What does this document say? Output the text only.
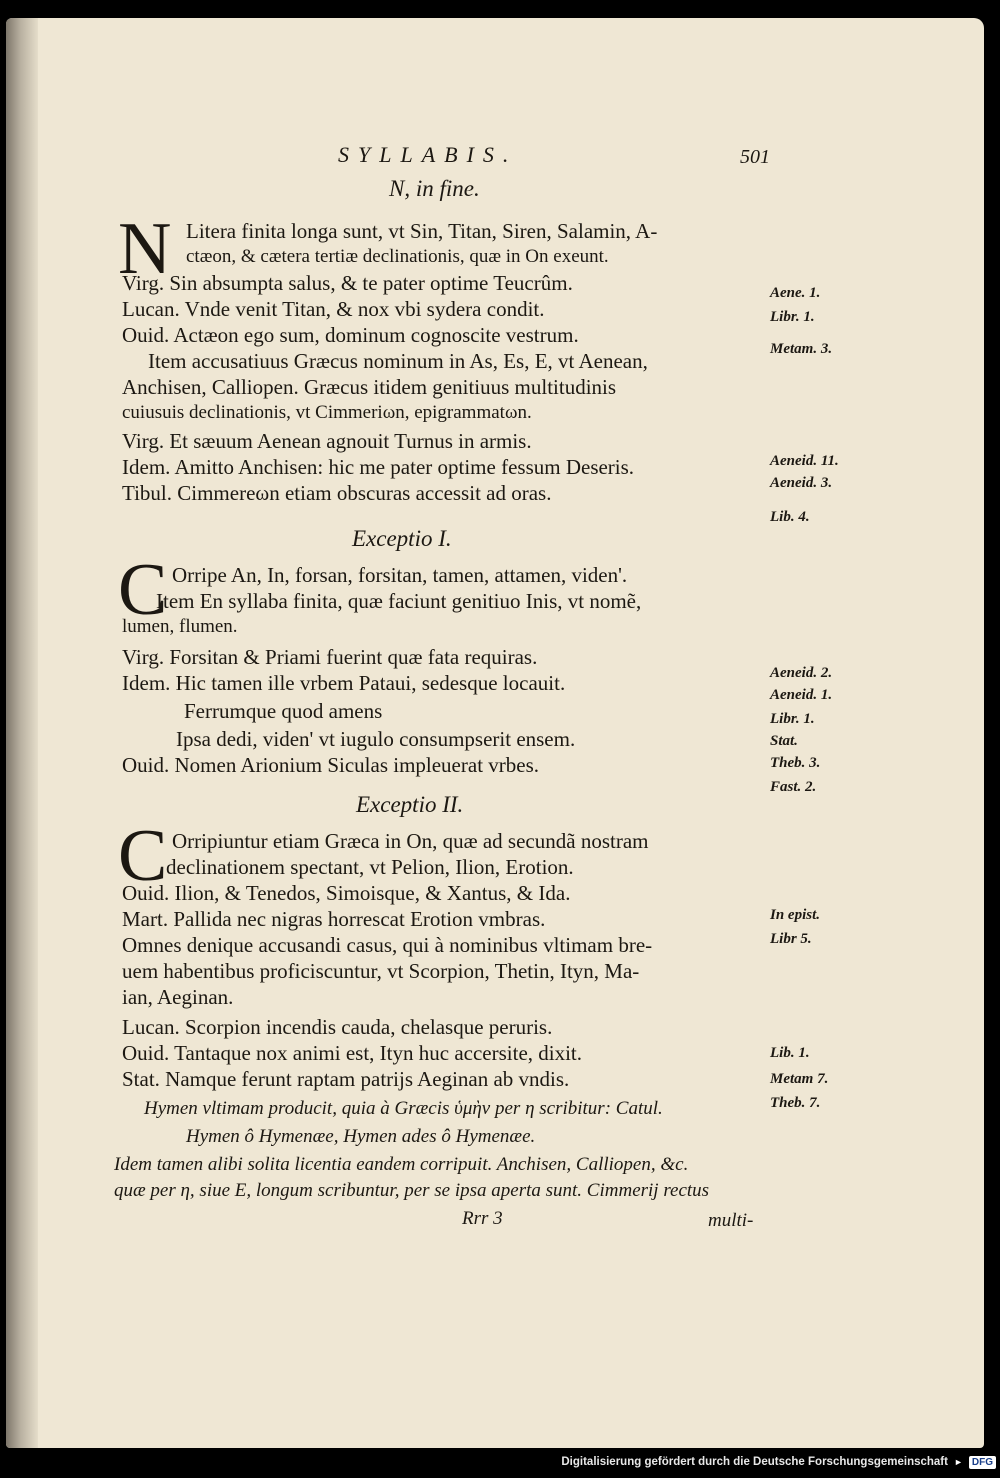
SYLLABIS.	501
N, in fine.
N Litera finita longa sunt, vt Sin, Titan, Siren, Salamin, A-
ctæon, & cætera tertiæ declinationis, quæ in On exeunt.
Virg. Sin absumpta salus, & te pater optime Teucrûm.
Lucan. Vnde venit Titan, & nox vbi sydera condit.
Ouid. Actæon ego sum, dominum cognoscite vestrum.
Item accusatiuus Græcus nominum in As, Es, E, vt Aenean,
Anchisen, Calliopen. Græcus itidem genitiuus multitudinis
cuiusuis declinationis, vt Cimmeriωn, epigrammatωn.
Virg. Et sæuum Aenean agnouit Turnus in armis.
Idem. Amitto Anchisen: hic me pater optime fessum Deseris.
Tibul. Cimmereωn etiam obscuras accessit ad oras.
Aene. 1.
Libr. 1.
Metam. 3.
Aeneid. 11.
Aeneid. 3.
Lib. 4.
Exceptio I.
C Orripe An, In, forsan, forsitan, tamen, attamen, viden'.
Item En syllaba finita, quæ faciunt genitiuo Inis, vt nomẽ,
lumen, flumen.
Virg. Forsitan & Priami fuerint quæ fata requiras.
Idem. Hic tamen ille vrbem Pataui, sedesque locauit.
Ferrumque quod amens
Ipsa dedi, viden' vt iugulo consumpserit ensem.
Ouid. Nomen Arionium Siculas impleuerat vrbes.
Aeneid. 2.
Aeneid. 1.
Libr. 1.
Stat.
Theb. 3.
Fast. 2.
Exceptio II.
C Orripiuntur etiam Græca in On, quæ ad secundã nostram
declinationem spectant, vt Pelion, Ilion, Erotion.
Ouid. Ilion, & Tenedos, Simoisque, & Xantus, & Ida.
Mart. Pallida nec nigras horrescat Erotion vmbras.
Omnes denique accusandi casus, qui à nominibus vltimam bre-
uem habentibus proficiscuntur, vt Scorpion, Thetin, Ityn, Ma-
ian, Aeginan.
Lucan. Scorpion incendis cauda, chelasque peruris.
Ouid. Tantaque nox animi est, Ityn huc accersite, dixit.
Stat. Namque ferunt raptam patrijs Aeginan ab vndis.
In epist.
Libr 5.
Lib. 1.
Metam 7.
Theb. 7.
Hymen vltimam producit, quia à Græcis ὑμὴν per η scribitur: Catul.
Hymen ô Hymenæe, Hymen ades ô Hymenæe.
Idem tamen alibi solita licentia eandem corripuit. Anchisen, Calliopen, &c.
quæ per η, siue E, longum scribuntur, per se ipsa aperta sunt. Cimmerij rectus
Rrr 3	multi-
Digitalisierung gefördert durch die Deutsche Forschungsgemeinschaft ► DFG
